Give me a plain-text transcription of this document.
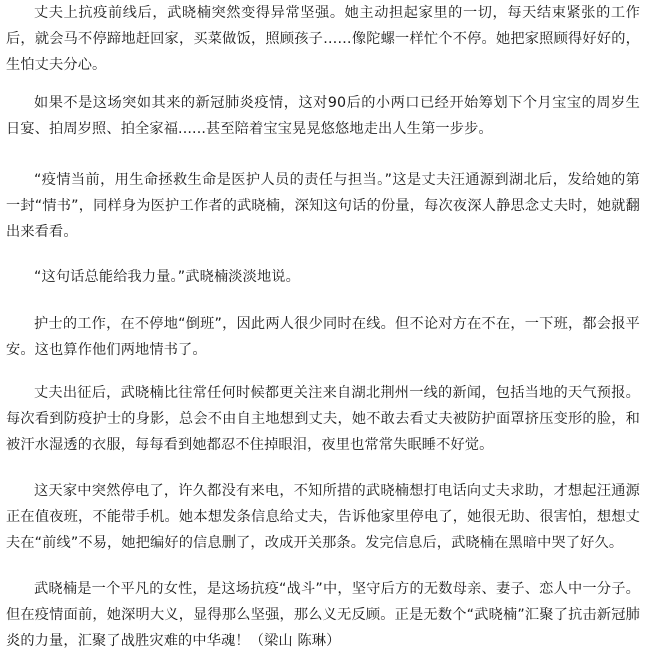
丈夫上抗疫前线后，武晓楠突然变得异常坚强。她主动担起家里的一切，每天结束紧张的工作后，就会马不停蹄地赶回家，买菜做饭，照顾孩子……像陀螺一样忙个不停。她把家照顾得好好的，生怕丈夫分心。

如果不是这场突如其来的新冠肺炎疫情，这对90后的小两口已经开始筹划下个月宝宝的周岁生日宴、拍周岁照、拍全家福......甚至陪着宝宝晃晃悠悠地走出人生第一步步。

“疫情当前，用生命拯救生命是医护人员的责任与担当。”这是丈夫汪通源到湖北后，发给她的第一封“情书”，同样身为医护工作者的武晓楠，深知这句话的份量，每次夜深人静思念丈夫时，她就翻出来看看。

“这句话总能给我力量。”武晓楠淡淡地说。

护士的工作，在不停地“倒班”，因此两人很少同时在线。但不论对方在不在，一下班，都会报平安。这也算作他们两地情书了。

丈夫出征后，武晓楠比往常任何时候都更关注来自湖北荆州一线的新闻，包括当地的天气预报。每次看到防疫护士的身影，总会不由自主地想到丈夫，她不敢去看丈夫被防护面罩挤压变形的脸，和被汗水湿透的衣服，每每看到她都忍不住掉眼泪，夜里也常常失眠睡不好觉。

这天家中突然停电了，许久都没有来电，不知所措的武晓楠想打电话向丈夫求助，才想起汪通源正在值夜班，不能带手机。她本想发条信息给丈夫，告诉他家里停电了，她很无助、很害怕，想想丈夫在“前线”不易，她把编好的信息删了，改成开关那条。发完信息后，武晓楠在黑暗中哭了好久。

武晓楠是一个平凡的女性，是这场抗疫“战斗”中，坚守后方的无数母亲、妻子、恋人中一分子。但在疫情面前，她深明大义，显得那么坚强，那么义无反顾。正是无数个“武晓楠”汇聚了抗击新冠肺炎的力量，汇聚了战胜灾难的中华魂！（梁山 陈琳）
